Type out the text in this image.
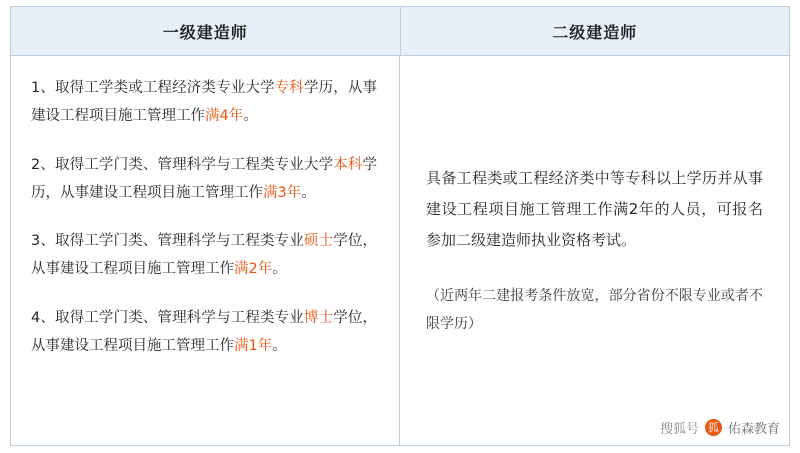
一级建造师	二级建造师

1、取得工学类或工程经济类专业大学专科学历，从事建设工程项目施工管理工作满4年。

2、取得工学门类、管理科学与工程类专业大学本科学历，从事建设工程项目施工管理工作满3年。

3、取得工学门类、管理科学与工程类专业硕士学位，从事建设工程项目施工管理工作满2年。

4、取得工学门类、管理科学与工程类专业博士学位，从事建设工程项目施工管理工作满1年。

具备工程类或工程经济类中等专科以上学历并从事建设工程项目施工管理工作满2年的人员，可报名参加二级建造师执业资格考试。

（近两年二建报考条件放宽，部分省份不限专业或者不限学历）

搜狐号 狐 佑森教育
